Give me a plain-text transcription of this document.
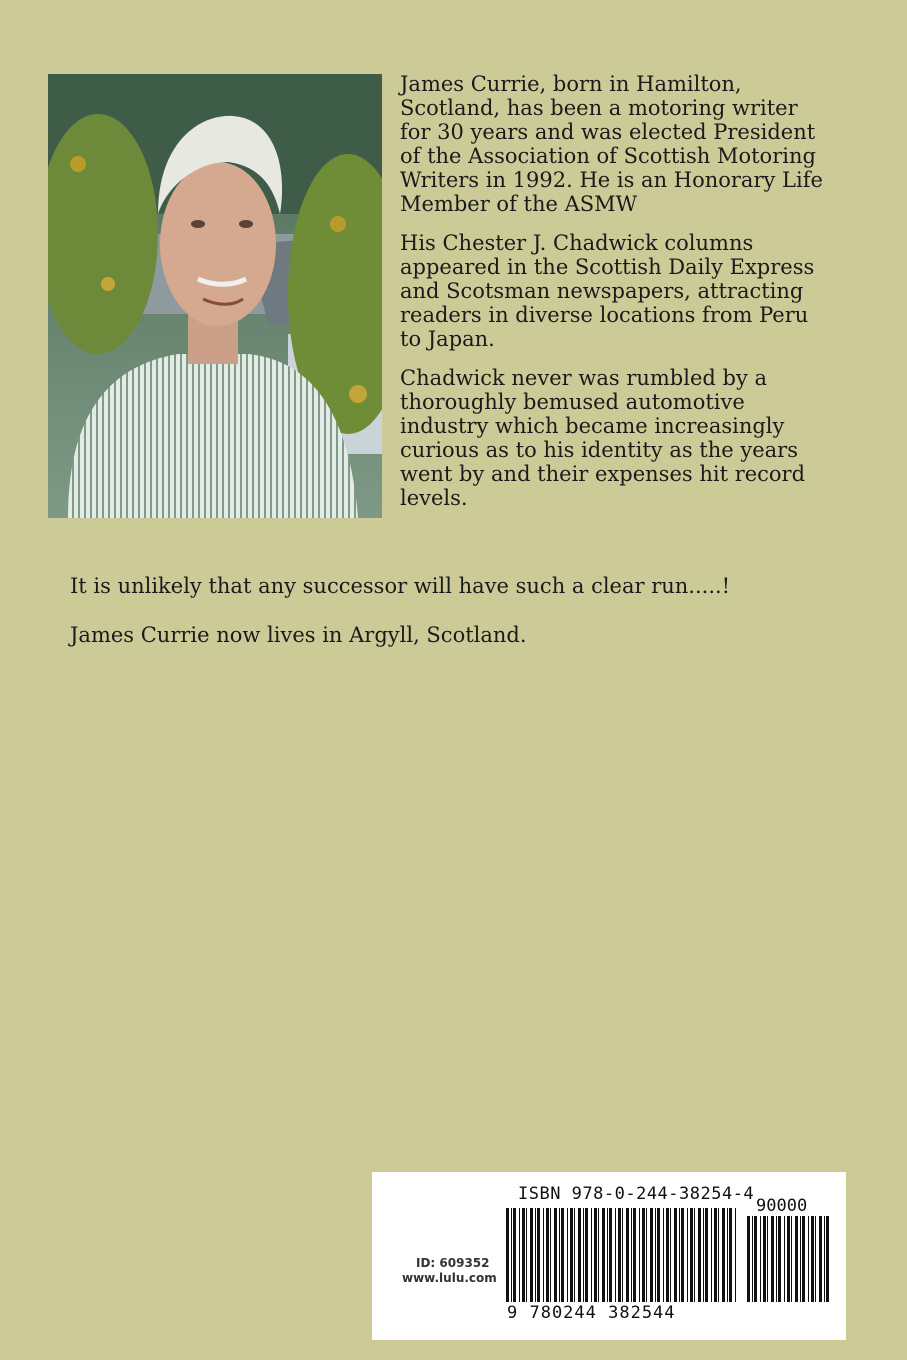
James Currie, born in Hamilton, Scotland, has been a motoring writer for 30 years and was elected President of the Association of Scottish Motoring Writers in 1992. He is an Honorary Life Member of the ASMW

His Chester J. Chadwick columns appeared in the Scottish Daily Express and Scotsman newspapers, attracting readers in diverse locations from Peru to Japan.

Chadwick never was rumbled by a thoroughly bemused automotive industry which became increasingly curious as to his identity as the years went by and their expenses hit record levels.

It is unlikely that any successor will have such a clear run.....!

James Currie now lives in Argyll, Scotland.

ISBN 978-0-244-38254-4
90000
9 780244 382544
ID: 609352
www.lulu.com
